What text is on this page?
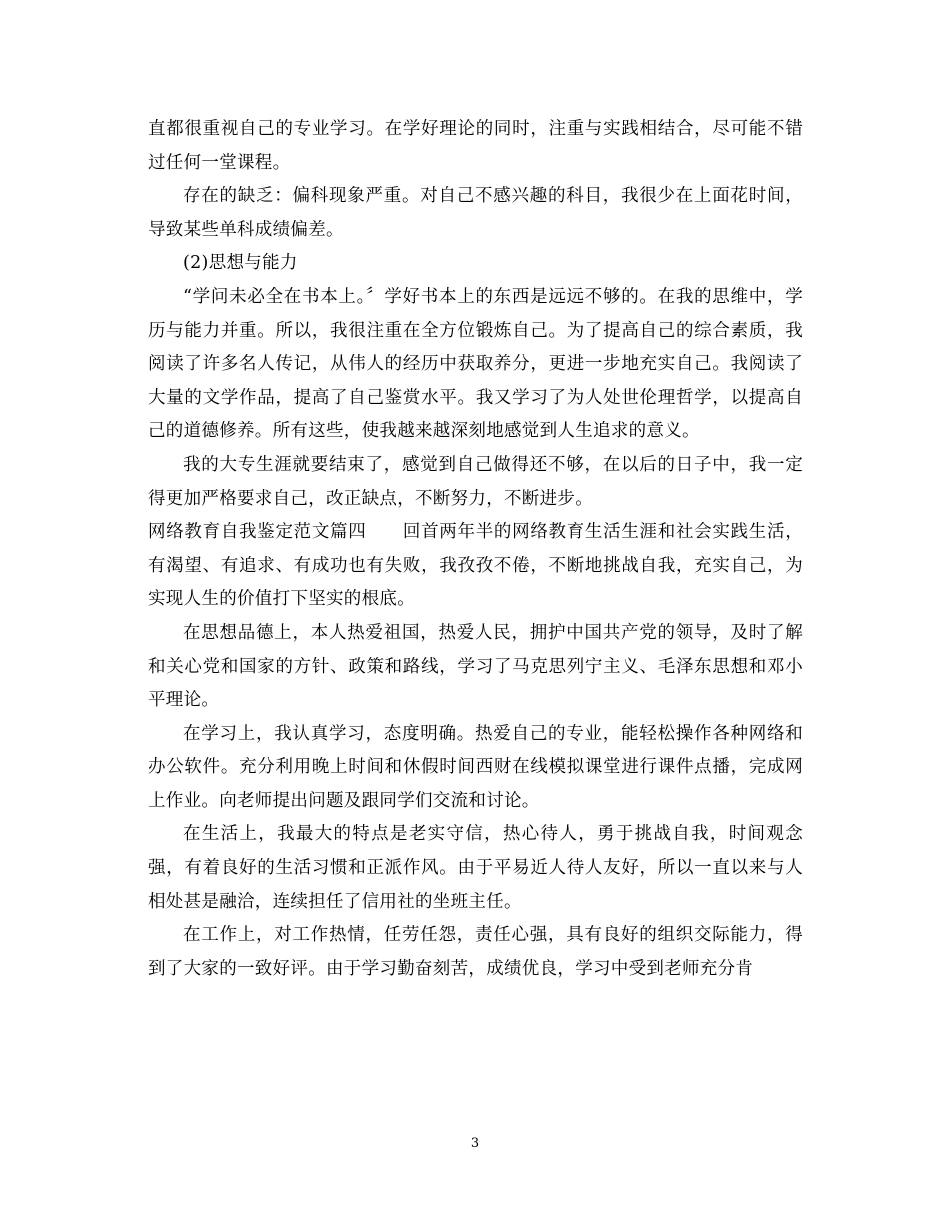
直都很重视自己的专业学习。在学好理论的同时，注重与实践相结合，尽可能不错过任何一堂课程。

存在的缺乏：偏科现象严重。对自己不感兴趣的科目，我很少在上面花时间，导致某些单科成绩偏差。

(2)思想与能力

“学问未必全在书本上。〞学好书本上的东西是远远不够的。在我的思维中，学历与能力并重。所以，我很注重在全方位锻炼自己。为了提高自己的综合素质，我阅读了许多名人传记，从伟人的经历中获取养分，更进一步地充实自己。我阅读了大量的文学作品，提高了自己鉴赏水平。我又学习了为人处世伦理哲学，以提高自己的道德修养。所有这些，使我越来越深刻地感觉到人生追求的意义。

我的大专生涯就要结束了，感觉到自己做得还不够，在以后的日子中，我一定得更加严格要求自己，改正缺点，不断努力，不断进步。

网络教育自我鉴定范文篇四　　回首两年半的网络教育生活生涯和社会实践生活，有渴望、有追求、有成功也有失败，我孜孜不倦，不断地挑战自我，充实自己，为实现人生的价值打下坚实的根底。

在思想品德上，本人热爱祖国，热爱人民，拥护中国共产党的领导，及时了解和关心党和国家的方针、政策和路线，学习了马克思列宁主义、毛泽东思想和邓小平理论。

在学习上，我认真学习，态度明确。热爱自己的专业，能轻松操作各种网络和办公软件。充分利用晚上时间和休假时间西财在线模拟课堂进行课件点播，完成网上作业。向老师提出问题及跟同学们交流和讨论。

在生活上，我最大的特点是老实守信，热心待人，勇于挑战自我，时间观念强，有着良好的生活习惯和正派作风。由于平易近人待人友好，所以一直以来与人相处甚是融洽，连续担任了信用社的坐班主任。

在工作上，对工作热情，任劳任怨，责任心强，具有良好的组织交际能力，得到了大家的一致好评。由于学习勤奋刻苦，成绩优良，学习中受到老师充分肯

3
